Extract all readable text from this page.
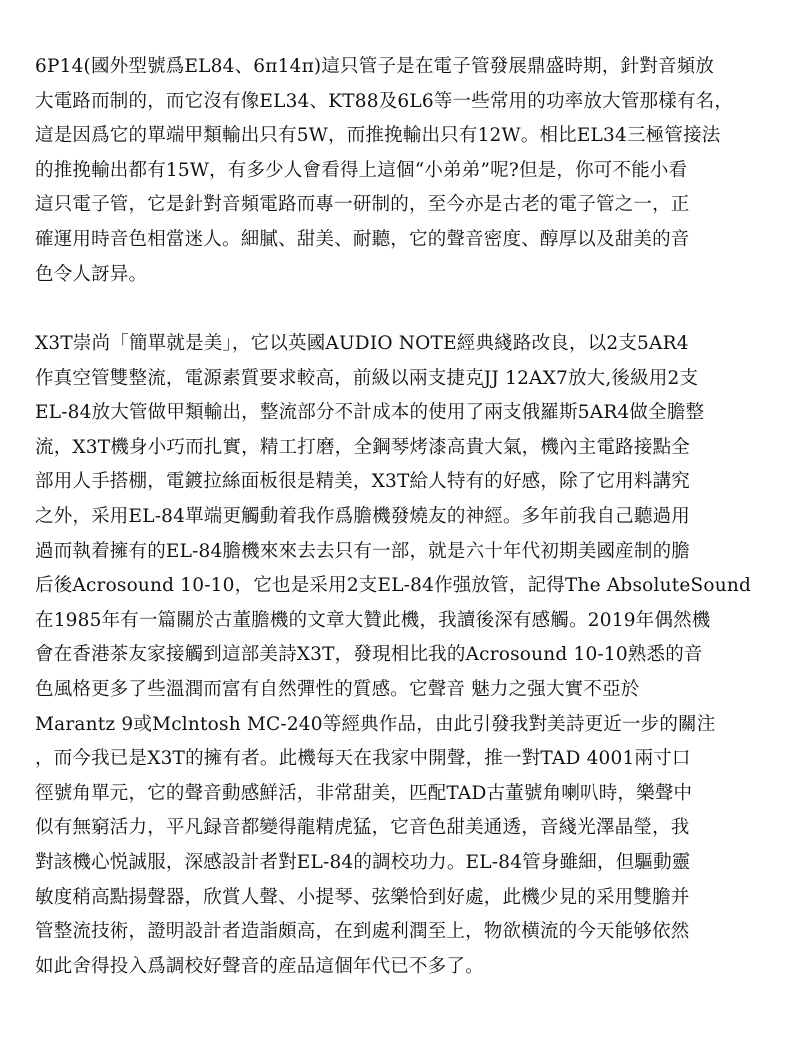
6P14(國外型號爲EL84、6π14π)這只管子是在電子管發展鼎盛時期，針對音頻放
大電路而制的，而它沒有像EL34、KT88及6L6等一些常用的功率放大管那樣有名，
這是因爲它的單端甲類輸出只有5W，而推挽輸出只有12W。相比EL34三極管接法
的推挽輸出都有15W，有多少人會看得上這個“小弟弟”呢?但是，你可不能小看
這只電子管，它是針對音頻電路而專一研制的，至今亦是古老的電子管之一，正
確運用時音色相當迷人。細膩、甜美、耐聽，它的聲音密度、醇厚以及甜美的音
色令人訝异。
X3T崇尚「簡單就是美」，它以英國AUDIO NOTE經典綫路改良，以2支5AR4
作真空管雙整流，電源素質要求較高，前級以兩支捷克JJ 12AX7放大,後級用2支
EL-84放大管做甲類輸出，整流部分不計成本的使用了兩支俄羅斯5AR4做全膽整
流，X3T機身小巧而扎實，精工打磨，全鋼琴烤漆高貴大氣，機內主電路接點全
部用人手搭棚，電鍍拉絲面板很是精美，X3T給人特有的好感，除了它用料講究
之外，采用EL-84單端更觸動着我作爲膽機發燒友的神經。多年前我自己聽過用
過而執着擁有的EL-84膽機來來去去只有一部，就是六十年代初期美國産制的膽
后後Acrosound 10-10，它也是采用2支EL-84作强放管，記得The AbsoluteSound
在1985年有一篇關於古董膽機的文章大贊此機，我讀後深有感觸。2019年偶然機
會在香港茶友家接觸到這部美詩X3T，發現相比我的Acrosound 10-10熟悉的音
色風格更多了些溫潤而富有自然彈性的質感。它聲音 魅力之强大實不亞於
Marantz 9或Mclntosh MC-240等經典作品，由此引發我對美詩更近一步的關注
，而今我已是X3T的擁有者。此機每天在我家中開聲，推一對TAD 4001兩寸口
徑號角單元，它的聲音動感鮮活，非常甜美，匹配TAD古董號角喇叭時，樂聲中
似有無窮活力，平凡録音都變得龍精虎猛，它音色甜美通透，音綫光澤晶瑩，我
對該機心悦誠服，深感設計者對EL-84的調校功力。EL-84管身雖細，但驅動靈
敏度稍高點揚聲器，欣賞人聲、小提琴、弦樂恰到好處，此機少見的采用雙膽并
管整流技術，證明設計者造詣頗高，在到處利潤至上，物欲横流的今天能够依然
如此舍得投入爲調校好聲音的産品這個年代已不多了。
